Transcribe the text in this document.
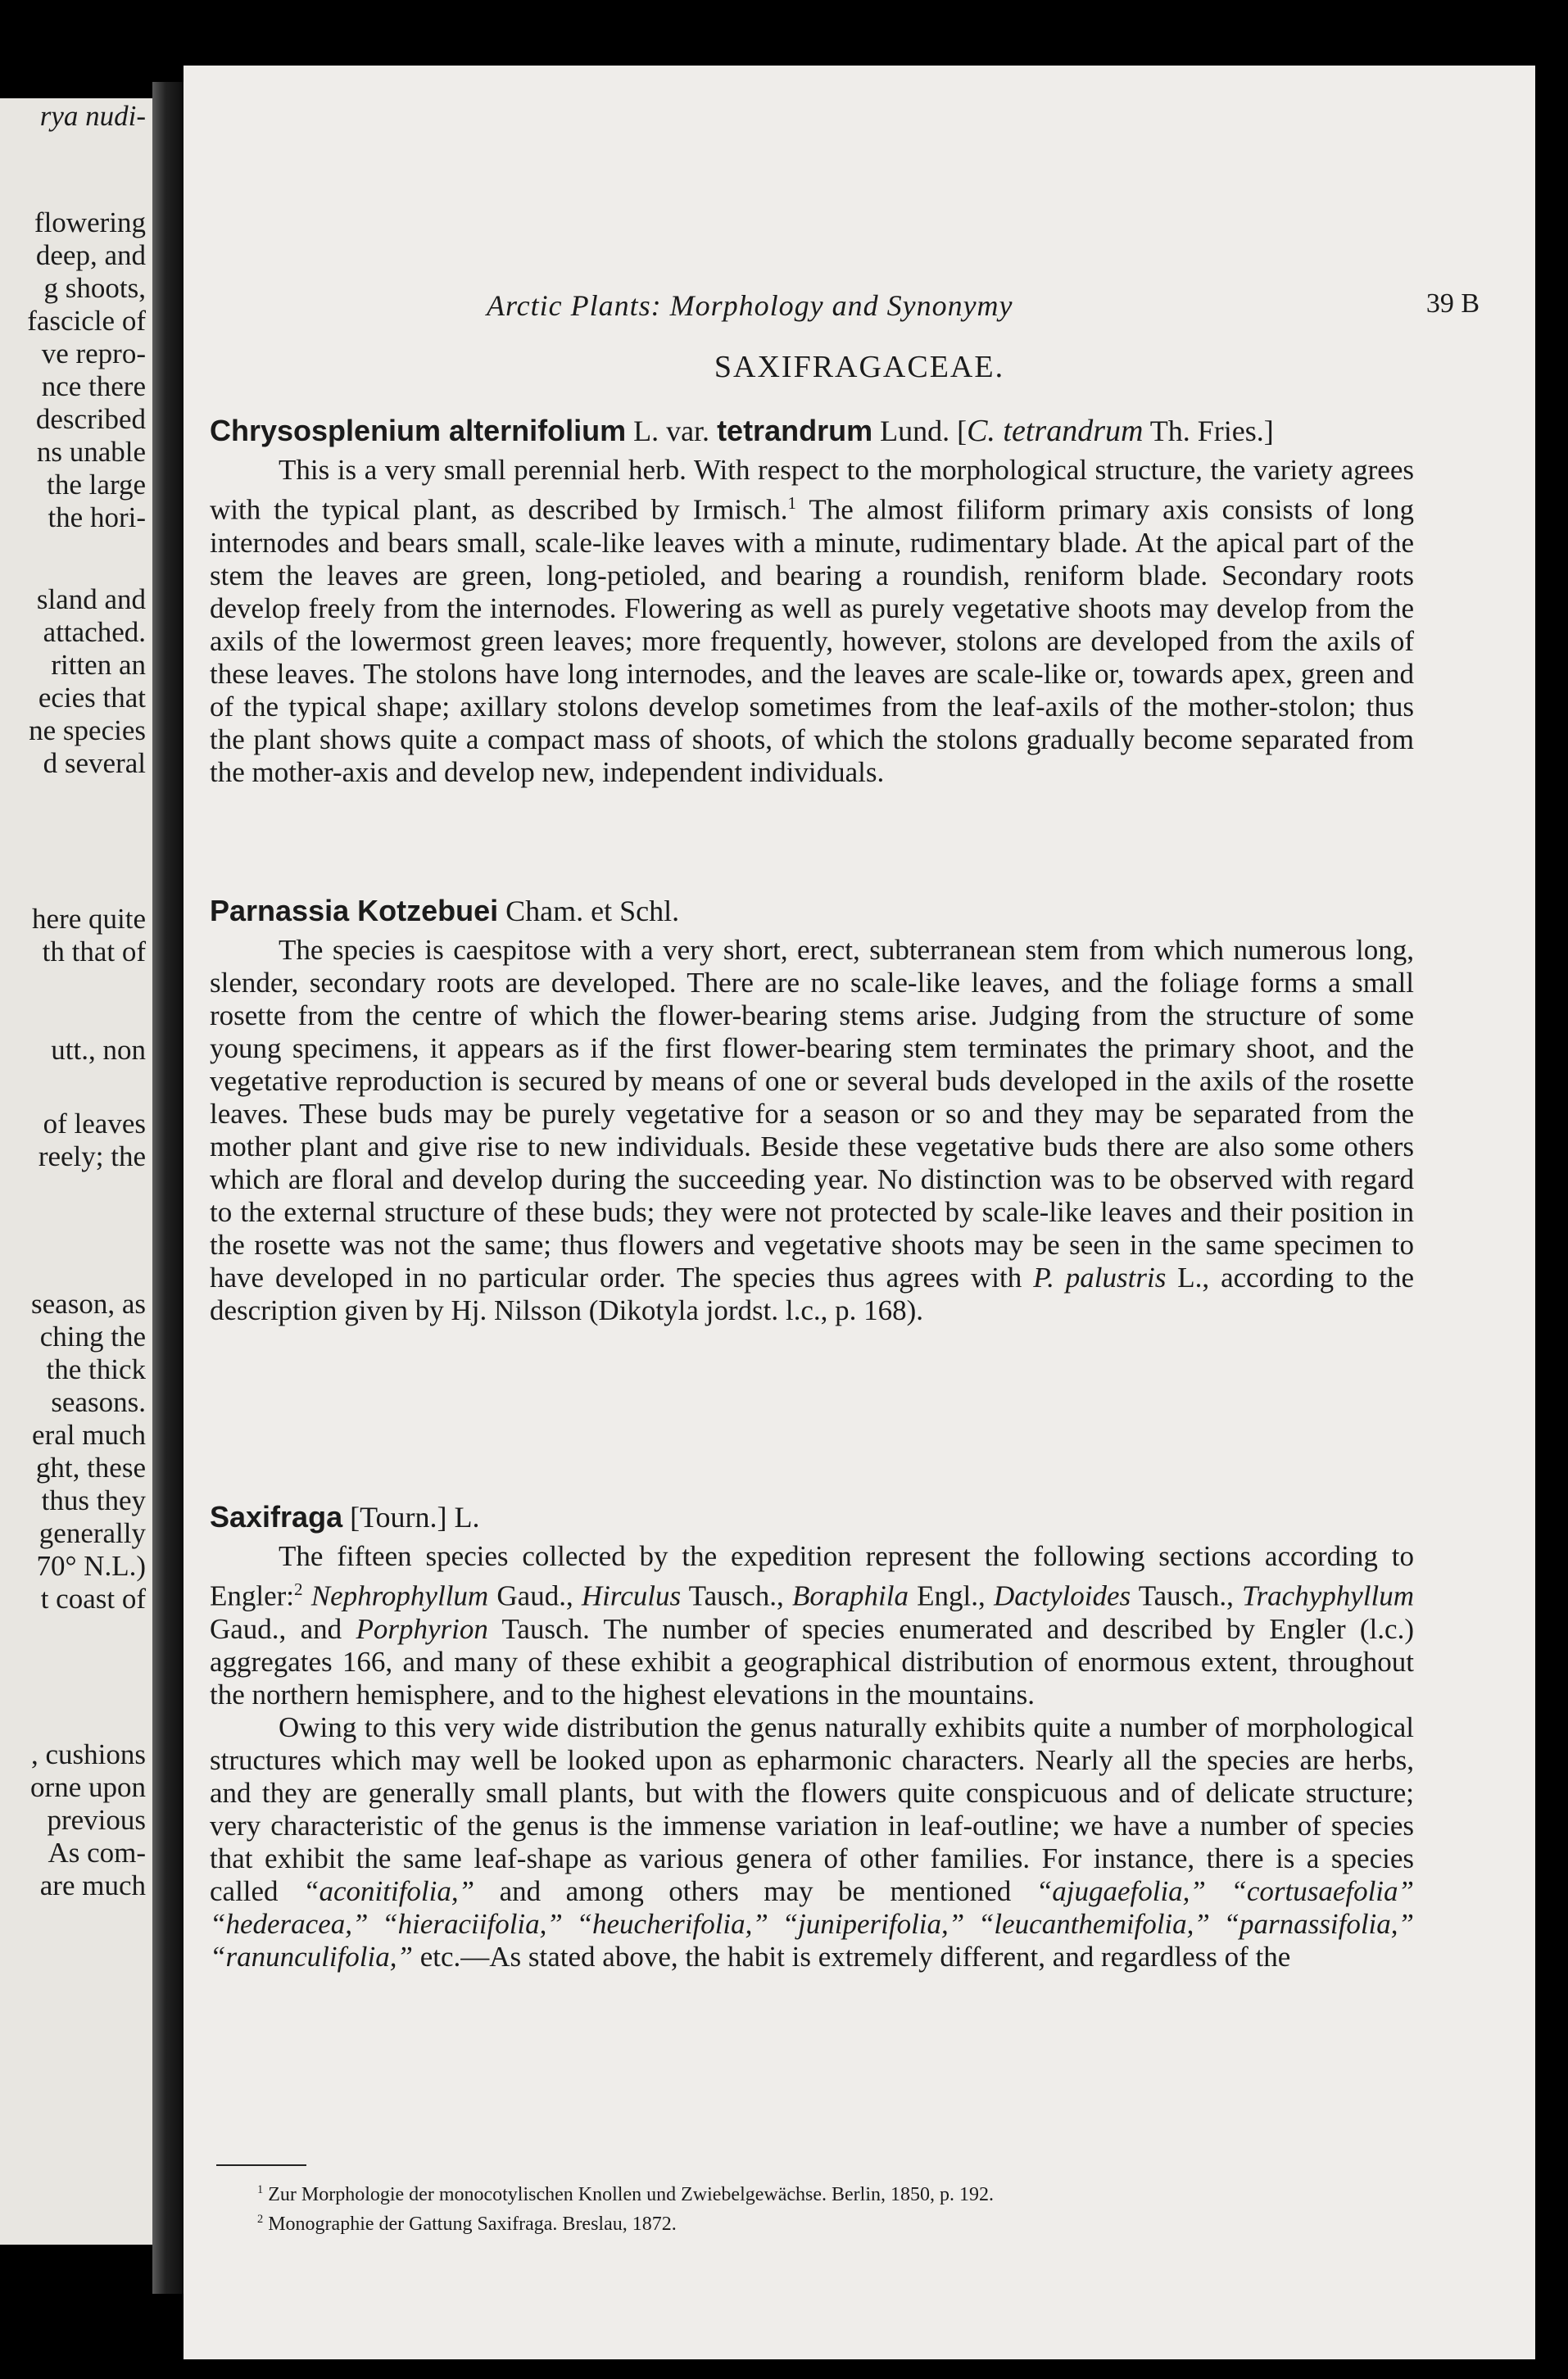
rya nudi-
flowering
deep, and
g shoots,
fascicle of
ve repro-
nce there
described
ns unable
the large
the hori-
sland and
attached.
ritten an
ecies that
ne species
d several
here quite
th that of
utt., non
of leaves
reely; the
season, as
ching the
the thick
seasons.
eral much
ght, these
thus they
generally
70° N.L.)
t coast of
, cushions
orne upon
previous
As com-
are much
Arctic Plants: Morphology and Synonymy	39 B
SAXIFRAGACEAE.
Chrysosplenium alternifolium L. var. tetrandrum Lund. [C. tetrandrum Th. Fries.]

This is a very small perennial herb. With respect to the morphological structure, the variety agrees with the typical plant, as described by Irmisch.$^1$ The almost filiform primary axis consists of long internodes and bears small, scale-like leaves with a minute, rudimentary blade. At the apical part of the stem the leaves are green, long-petioled, and bearing a roundish, reniform blade. Secondary roots develop freely from the internodes. Flowering as well as purely vegetative shoots may develop from the axils of the lowermost green leaves; more frequently, however, stolons are developed from the axils of these leaves. The stolons have long internodes, and the leaves are scale-like or, towards apex, green and of the typical shape; axillary stolons develop sometimes from the leaf-axils of the mother-stolon; thus the plant shows quite a compact mass of shoots, of which the stolons gradually become separated from the mother-axis and develop new, independent individuals.

Parnassia Kotzebuei Cham. et Schl.

The species is caespitose with a very short, erect, subterranean stem from which numerous long, slender, secondary roots are developed. There are no scale-like leaves, and the foliage forms a small rosette from the centre of which the flower-bearing stems arise. Judging from the structure of some young specimens, it appears as if the first flower-bearing stem terminates the primary shoot, and the vegetative reproduction is secured by means of one or several buds developed in the axils of the rosette leaves. These buds may be purely vegetative for a season or so and they may be separated from the mother plant and give rise to new individuals. Beside these vegetative buds there are also some others which are floral and develop during the succeeding year. No distinction was to be observed with regard to the external structure of these buds; they were not protected by scale-like leaves and their position in the rosette was not the same; thus flowers and vegetative shoots may be seen in the same specimen to have developed in no particular order. The species thus agrees with P. palustris L., according to the description given by Hj. Nilsson (Dikotyla jordst. l.c., p. 168).

Saxifraga [Tourn.] L.

The fifteen species collected by the expedition represent the following sections according to Engler:$^2$ Nephrophyllum Gaud., Hirculus Tausch., Boraphila Engl., Dactyloides Tausch., Trachyphyllum Gaud., and Porphyrion Tausch. The number of species enumerated and described by Engler (l.c.) aggregates 166, and many of these exhibit a geographical distribution of enormous extent, throughout the northern hemisphere, and to the highest elevations in the mountains.

Owing to this very wide distribution the genus naturally exhibits quite a number of morphological structures which may well be looked upon as epharmonic characters. Nearly all the species are herbs, and they are generally small plants, but with the flowers quite conspicuous and of delicate structure; very characteristic of the genus is the immense variation in leaf-outline; we have a number of species that exhibit the same leaf-shape as various genera of other families. For instance, there is a species called “aconitifolia,” and among others may be mentioned “ajugaefolia,” “cortusaefolia” “hederacea,” “hieraciifolia,” “heucherifolia,” “juniperifolia,” “leucanthemifolia,” “parnassifolia,” “ranunculifolia,” etc.—As stated above, the habit is extremely different, and regardless of the

$^1$ Zur Morphologie der monocotylischen Knollen und Zwiebelgewächse. Berlin, 1850, p. 192.
$^2$ Monographie der Gattung Saxifraga. Breslau, 1872.
